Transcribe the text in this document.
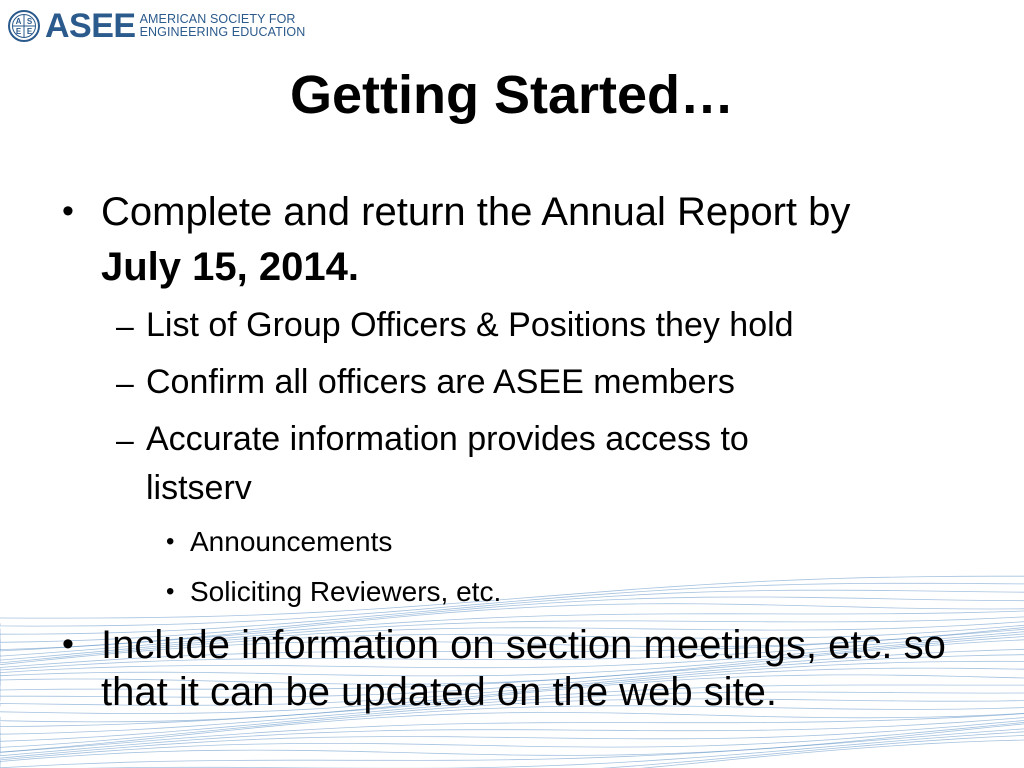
A S
E E ASEE AMERICAN SOCIETY FOR
ENGINEERING EDUCATION
Getting Started…
• Complete and return the Annual Report by
July 15, 2014.
– List of Group Officers & Positions they hold
– Confirm all officers are ASEE members
– Accurate information provides access to
listserv
• Announcements
• Soliciting Reviewers, etc.
• Include information on section meetings, etc. so
that it can be updated on the web site.
